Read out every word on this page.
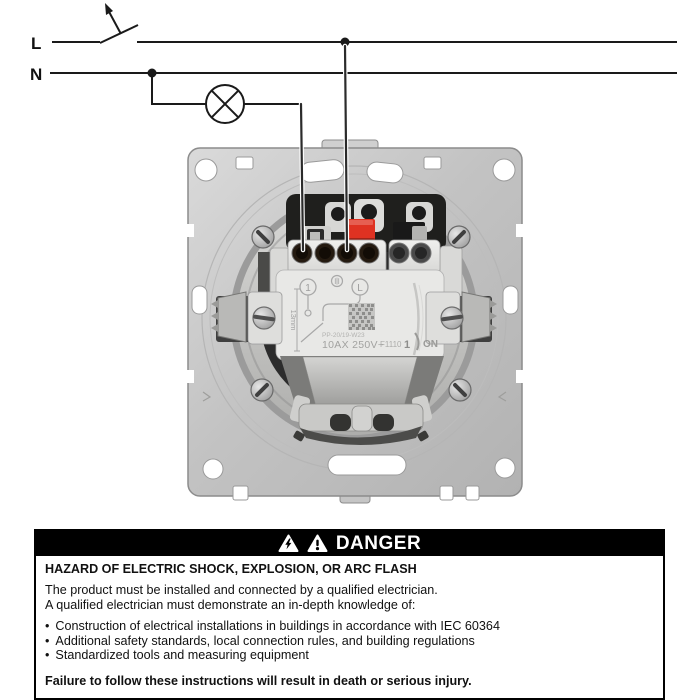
L
N
1	L
13mm
PP-20/19-W23
10AX 250V~
F1110 1 ON
DANGER
HAZARD OF ELECTRIC SHOCK, EXPLOSION, OR ARC FLASH
The product must be installed and connected by a qualified electrician.
A qualified electrician must demonstrate an in-depth knowledge of:
• Construction of electrical installations in buildings in accordance with IEC 60364
• Additional safety standards, local connection rules, and building regulations
• Standardized tools and measuring equipment
Failure to follow these instructions will result in death or serious injury.
